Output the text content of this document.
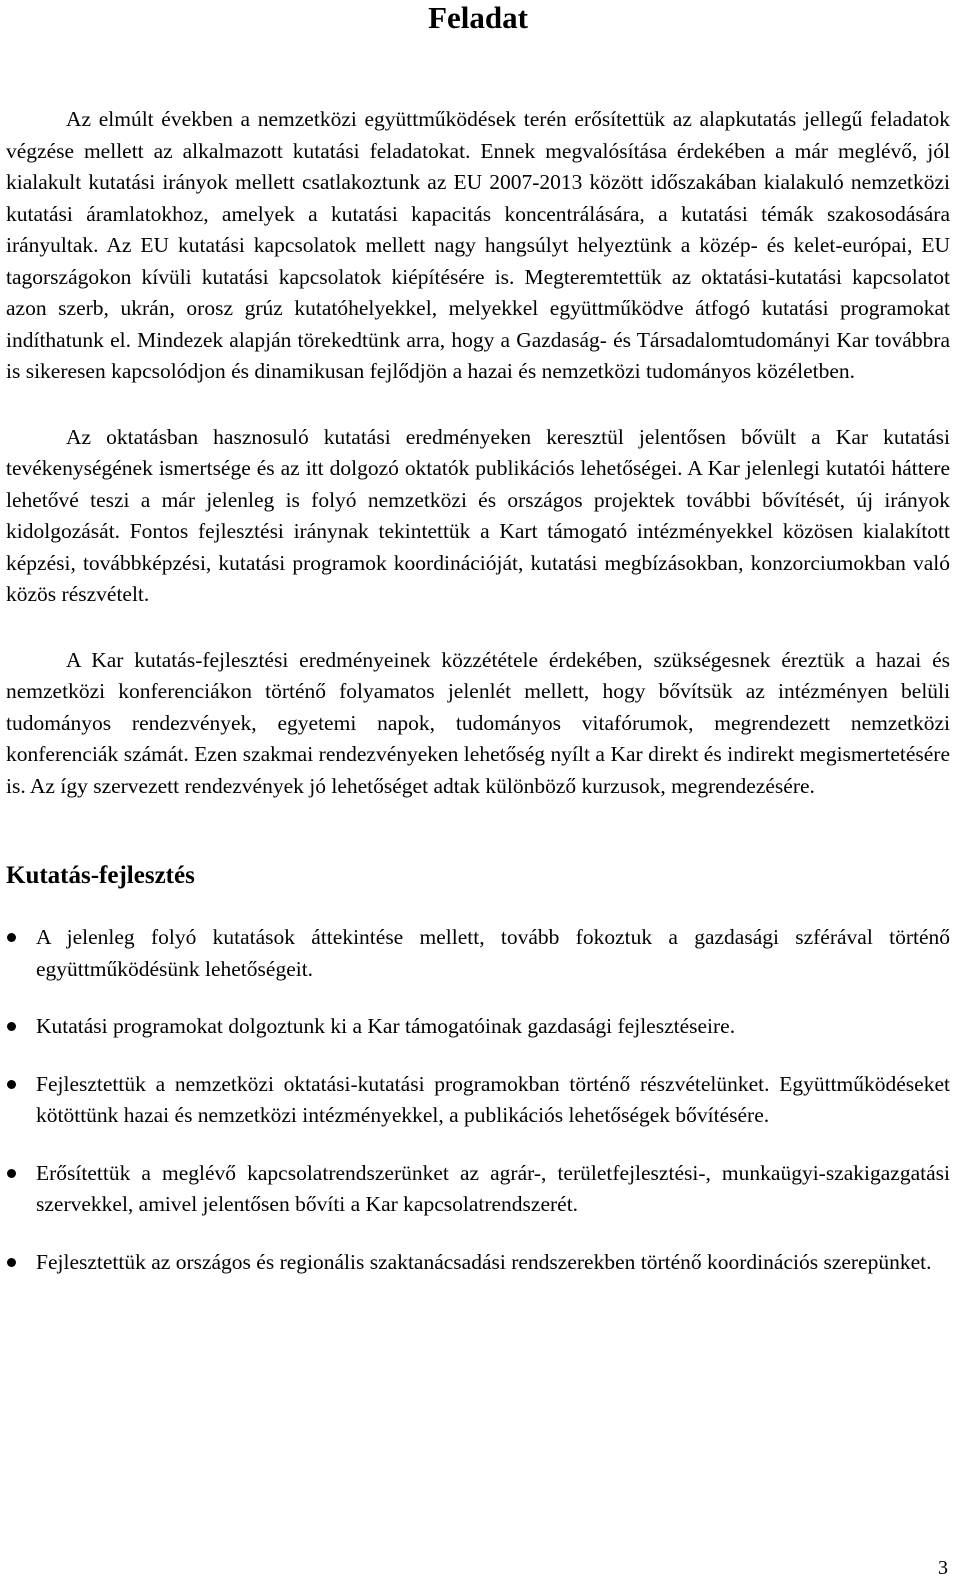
Feladat

Az elmúlt években a nemzetközi együttműködések terén erősítettük az alapkutatás jellegű feladatok végzése mellett az alkalmazott kutatási feladatokat. Ennek megvalósítása érdekében a már meglévő, jól kialakult kutatási irányok mellett csatlakoztunk az EU 2007-2013 között időszakában kialakuló nemzetközi kutatási áramlatokhoz, amelyek a kutatási kapacitás koncentrálására, a kutatási témák szakosodására irányultak. Az EU kutatási kapcsolatok mellett nagy hangsúlyt helyeztünk a közép- és kelet-európai, EU tagországokon kívüli kutatási kapcsolatok kiépítésére is. Megteremtettük az oktatási-kutatási kapcsolatot azon szerb, ukrán, orosz grúz kutatóhelyekkel, melyekkel együttműködve átfogó kutatási programokat indíthatunk el. Mindezek alapján törekedtünk arra, hogy a Gazdaság- és Társadalomtudományi Kar továbbra is sikeresen kapcsolódjon és dinamikusan fejlődjön a hazai és nemzetközi tudományos közéletben.

Az oktatásban hasznosuló kutatási eredményeken keresztül jelentősen bővült a Kar kutatási tevékenységének ismertsége és az itt dolgozó oktatók publikációs lehetőségei. A Kar jelenlegi kutatói háttere lehetővé teszi a már jelenleg is folyó nemzetközi és országos projektek további bővítését, új irányok kidolgozását. Fontos fejlesztési iránynak tekintettük a Kart támogató intézményekkel közösen kialakított képzési, továbbképzési, kutatási programok koordinációját, kutatási megbízásokban, konzorciumokban való közös részvételt.

A Kar kutatás-fejlesztési eredményeinek közzététele érdekében, szükségesnek éreztük a hazai és nemzetközi konferenciákon történő folyamatos jelenlét mellett, hogy bővítsük az intézményen belüli tudományos rendezvények, egyetemi napok, tudományos vitafórumok, megrendezett nemzetközi konferenciák számát. Ezen szakmai rendezvényeken lehetőség nyílt a Kar direkt és indirekt megismertetésére is. Az így szervezett rendezvények jó lehetőséget adtak különböző kurzusok, megrendezésére.

Kutatás-fejlesztés
A jelenleg folyó kutatások áttekintése mellett, tovább fokoztuk a gazdasági szférával történő együttműködésünk lehetőségeit.
Kutatási programokat dolgoztunk ki a Kar támogatóinak gazdasági fejlesztéseire.
Fejlesztettük a nemzetközi oktatási-kutatási programokban történő részvételünket. Együttműködéseket kötöttünk hazai és nemzetközi intézményekkel, a publikációs lehetőségek bővítésére.
Erősítettük a meglévő kapcsolatrendszerünket az agrár-, területfejlesztési-, munkaügyi-szakigazgatási szervekkel, amivel jelentősen bővíti a Kar kapcsolatrendszerét.
Fejlesztettük az országos és regionális szaktanácsadási rendszerekben történő koordinációs szerepünket.
3
